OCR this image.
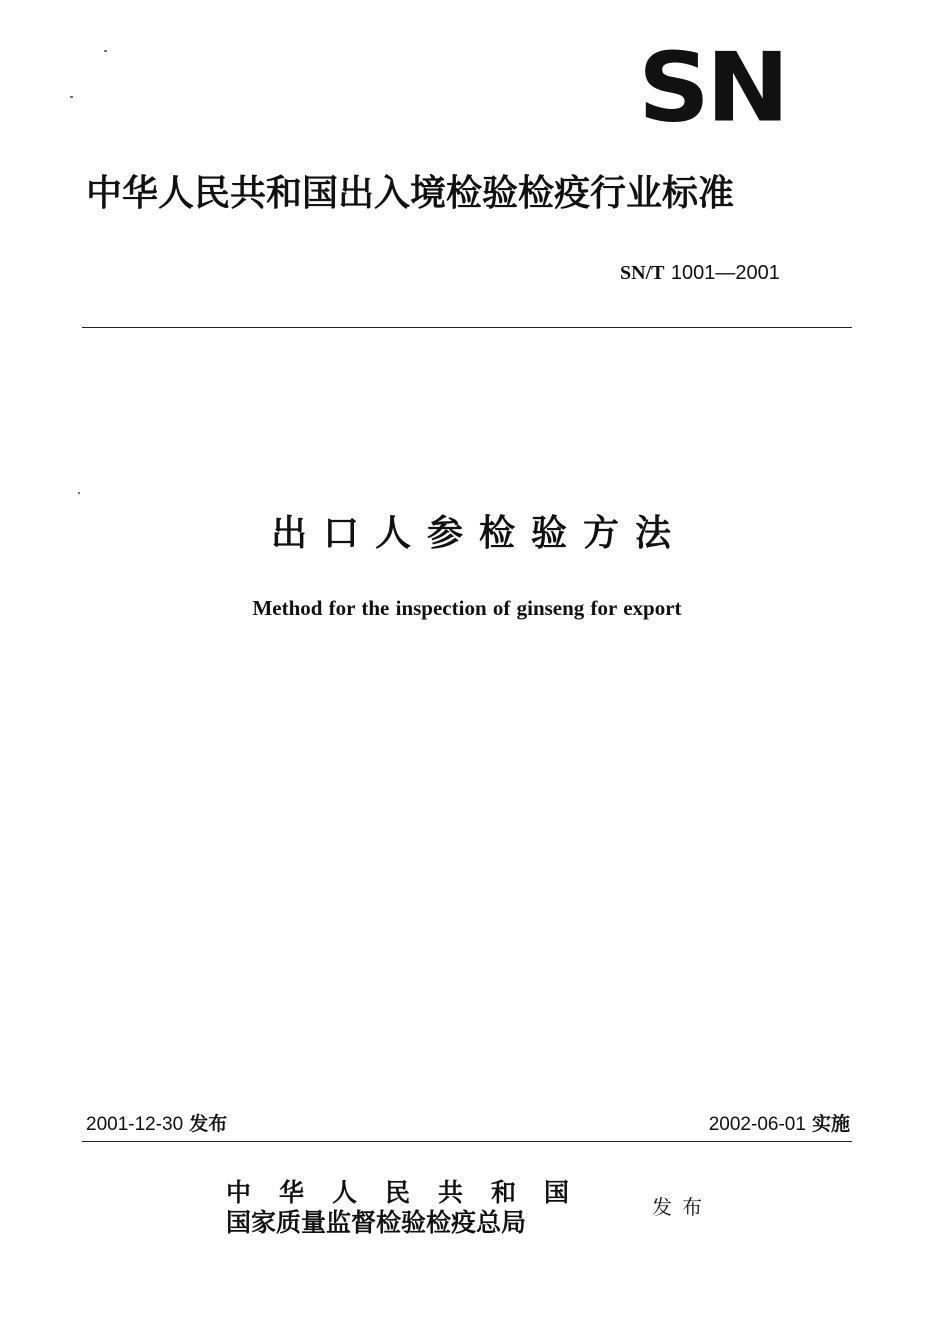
SN
中华人民共和国出入境检验检疫行业标准
SN/T 1001—2001
出口人参检验方法
Method for the inspection of ginseng for export
2001-12-30 发布	2002-06-01 实施
中华人民共和国
国家质量监督检验检疫总局
发布
